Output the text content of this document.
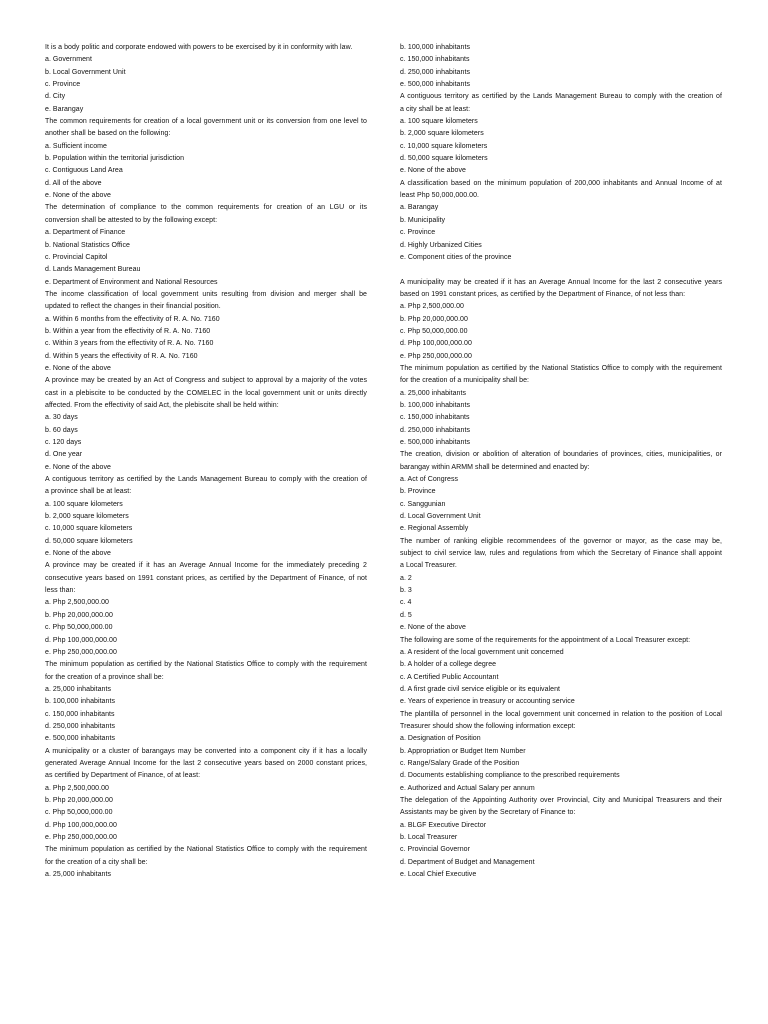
It is a body politic and corporate endowed with powers to be exercised by it in conformity with law.
a. Government
b. Local Government Unit
c. Province
d. City
e. Barangay
The common requirements for creation of a local government unit or its conversion from one level to
another shall be based on the following:
a. Sufficient income
b. Population within the territorial jurisdiction
c. Contiguous Land Area
d. All of the above
e. None of the above
The determination of compliance to the common requirements for creation of an LGU or its
conversion shall be attested to by the following except:
a. Department of Finance
b. National Statistics Office
c. Provincial Capitol
d. Lands Management Bureau
e. Department of Environment and National Resources
The income classification of local government units resulting from division and merger shall be
updated to reflect the changes in their financial position.
a. Within 6 months from the effectivity of R. A. No. 7160
b. Within a year from the effectivity of R. A. No. 7160
c. Within 3 years from the effectivity of R. A. No. 7160
d. Within 5 years the effectivity of R. A. No. 7160
e. None of the above
A province may be created by an Act of Congress and subject to approval by a majority of the votes
cast in a plebiscite to be conducted by the COMELEC in the local government unit or units directly
affected. From the effectivity of said Act, the plebiscite shall be held within:
a. 30 days
b. 60 days
c. 120 days
d. One year
e. None of the above
A contiguous territory as certified by the Lands Management Bureau to comply with the creation of
a province shall be at least:
a. 100 square kilometers
b. 2,000 square kilometers
c. 10,000 square kilometers
d. 50,000 square kilometers
e. None of the above
A province may be created if it has an Average Annual Income for the immediately preceding 2
consecutive years based on 1991 constant prices, as certified by the Department of Finance, of not
less than:
a. Php 2,500,000.00
b. Php 20,000,000.00
c. Php 50,000,000.00
d. Php 100,000,000.00
e. Php 250,000,000.00
The minimum population as certified by the National Statistics Office to comply with the requirement
for the creation of a province shall be:
a. 25,000 inhabitants
b. 100,000 inhabitants
c. 150,000 inhabitants
d. 250,000 inhabitants
e. 500,000 inhabitants
A municipality or a cluster of barangays may be converted into a component city if it has a locally
generated Average Annual Income for the last 2 consecutive years based on 2000 constant prices,
as certified by Department of Finance, of at least:
a. Php 2,500,000.00
b. Php 20,000,000.00
c. Php 50,000,000.00
d. Php 100,000,000.00
e. Php 250,000,000.00
The minimum population as certified by the National Statistics Office to comply with the requirement
for the creation of a city shall be:
a. 25,000 inhabitants
b. 100,000 inhabitants
c. 150,000 inhabitants
d. 250,000 inhabitants
e. 500,000 inhabitants
A contiguous territory as certified by the Lands Management Bureau to comply with the creation of
a city shall be at least:
a. 100 square kilometers
b. 2,000 square kilometers
c. 10,000 square kilometers
d. 50,000 square kilometers
e. None of the above
A classification based on the minimum population of 200,000 inhabitants and Annual Income of at
least Php 50,000,000.00.
a. Barangay
b. Municipality
c. Province
d. Highly Urbanized Cities
e. Component cities of the province
A municipality may be created if it has an Average Annual Income for the last 2 consecutive years
based on 1991 constant prices, as certified by the Department of Finance, of not less than:
a. Php 2,500,000.00
b. Php 20,000,000.00
c. Php 50,000,000.00
d. Php 100,000,000.00
e. Php 250,000,000.00
The minimum population as certified by the National Statistics Office to comply with the requirement
for the creation of a municipality shall be:
a. 25,000 inhabitants
b. 100,000 inhabitants
c. 150,000 inhabitants
d. 250,000 inhabitants
e. 500,000 inhabitants
The creation, division or abolition of alteration of boundaries of provinces, cities, municipalities, or
barangay within ARMM shall be determined and enacted by:
a. Act of Congress
b. Province
c. Sanggunian
d. Local Government Unit
e. Regional Assembly
The number of ranking eligible recommendees of the governor or mayor, as the case may be,
subject to civil service law, rules and regulations from which the Secretary of Finance shall appoint
a Local Treasurer.
a. 2
b. 3
c. 4
d. 5
e. None of the above
The following are some of the requirements for the appointment of a Local Treasurer except:
a. A resident of the local government unit concerned
b. A holder of a college degree
c. A Certified Public Accountant
d. A first grade civil service eligible or its equivalent
e. Years of experience in treasury or accounting service
The plantilla of personnel in the local government unit concerned in relation to the position of Local
Treasurer should show the following information except:
a. Designation of Position
b. Appropriation or Budget Item Number
c. Range/Salary Grade of the Position
d. Documents establishing compliance to the prescribed requirements
e. Authorized and Actual Salary per annum
The delegation of the Appointing Authority over Provincial, City and Municipal Treasurers and their
Assistants may be given by the Secretary of Finance to:
a. BLGF Executive Director
b. Local Treasurer
c. Provincial Governor
d. Department of Budget and Management
e. Local Chief Executive
